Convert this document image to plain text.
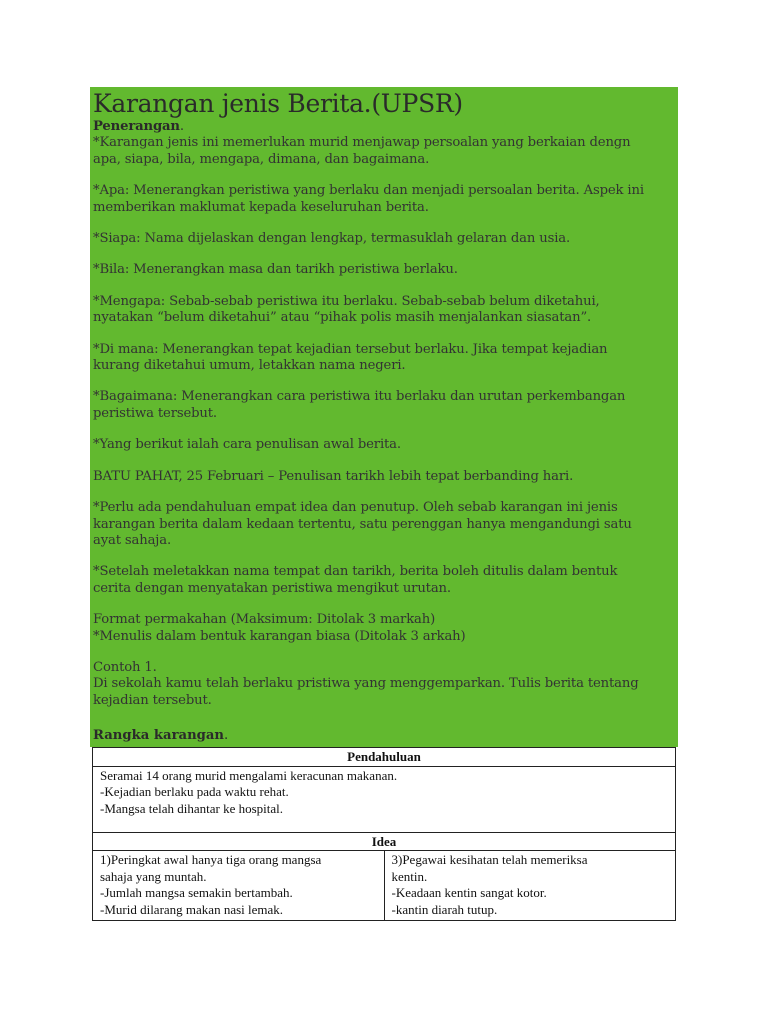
Karangan jenis Berita.(UPSR)
Penerangan.
*Karangan jenis ini memerlukan murid menjawap persoalan yang berkaian dengn
apa, siapa, bila, mengapa, dimana, dan bagaimana.
*Apa: Menerangkan peristiwa yang berlaku dan menjadi persoalan berita. Aspek ini
memberikan maklumat kepada keseluruhan berita.
*Siapa: Nama dijelaskan dengan lengkap, termasuklah gelaran dan usia.
*Bila: Menerangkan masa dan tarikh peristiwa berlaku.
*Mengapa: Sebab-sebab peristiwa itu berlaku. Sebab-sebab belum diketahui,
nyatakan “belum diketahui” atau “pihak polis masih menjalankan siasatan”.
*Di mana: Menerangkan tepat kejadian tersebut berlaku. Jika tempat kejadian
kurang diketahui umum, letakkan nama negeri.
*Bagaimana: Menerangkan cara peristiwa itu berlaku dan urutan perkembangan
peristiwa tersebut.
*Yang berikut ialah cara penulisan awal berita.
BATU PAHAT, 25 Februari – Penulisan tarikh lebih tepat berbanding hari.
*Perlu ada pendahuluan empat idea dan penutup. Oleh sebab karangan ini jenis
karangan berita dalam kedaan tertentu, satu perenggan hanya mengandungi satu
ayat sahaja.
*Setelah meletakkan nama tempat dan tarikh, berita boleh ditulis dalam bentuk
cerita dengan menyatakan peristiwa mengikut urutan.
Format permakahan (Maksimum: Ditolak 3 markah)
*Menulis dalam bentuk karangan biasa (Ditolak 3 arkah)
Contoh 1.
Di sekolah kamu telah berlaku pristiwa yang menggemparkan. Tulis berita tentang
kejadian tersebut.
Rangka karangan.
Pendahuluan

Seramai 14 orang murid mengalami keracunan makanan.
-Kejadian berlaku pada waktu rehat.
-Mangsa telah dihantar ke hospital.

Idea

1)Peringkat awal hanya tiga orang mangsa
sahaja yang muntah.
-Jumlah mangsa semakin bertambah.
-Murid dilarang makan nasi lemak.

3)Pegawai kesihatan telah memeriksa
kentin.
-Keadaan kentin sangat kotor.
-kantin diarah tutup.
